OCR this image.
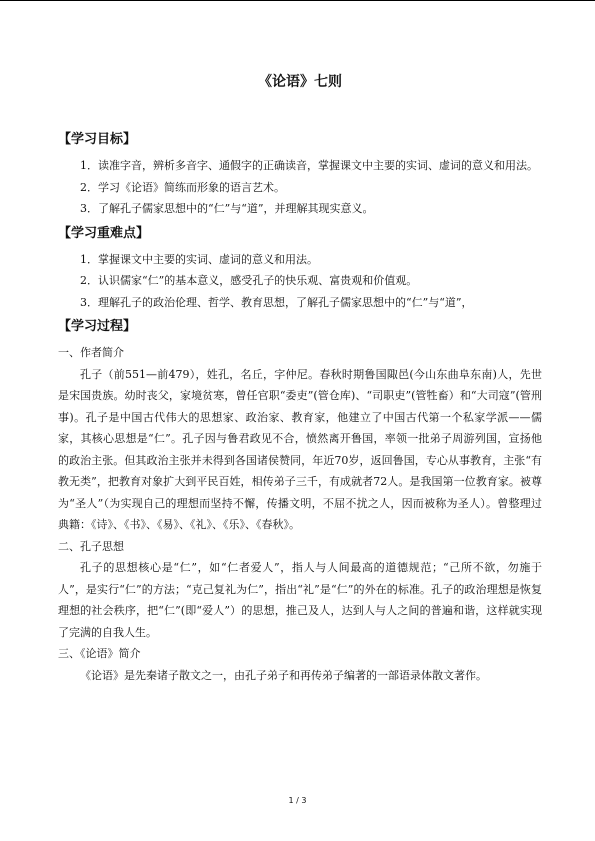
《论语》七则
【学习目标】

1．读准字音，辨析多音字、通假字的正确读音，掌握课文中主要的实词、虚词的意义和用法。

2．学习《论语》简练而形象的语言艺术。

3．了解孔子儒家思想中的“仁”与“道”，并理解其现实意义。

【学习重难点】

1．掌握课文中主要的实词、虚词的意义和用法。

2．认识儒家“仁”的基本意义，感受孔子的快乐观、富贵观和价值观。

3．理解孔子的政治伦理、哲学、教育思想，了解孔子儒家思想中的“仁”与“道”，

【学习过程】
一、作者简介

孔子（前551—前479），姓孔，名丘，字仲尼。春秋时期鲁国陬邑(今山东曲阜东南)人，先世是宋国贵族。幼时丧父，家境贫寒，曾任官职“委吏”(管仓库)、“司职吏”(管牲畜）和“大司寇”(管刑事)。孔子是中国古代伟大的思想家、政治家、教育家，他建立了中国古代第一个私家学派——儒家，其核心思想是“仁”。孔子因与鲁君政见不合，愤然离开鲁国，率领一批弟子周游列国，宣扬他的政治主张。但其政治主张并未得到各国诸侯赞同，年近70岁，返回鲁国，专心从事教育，主张“有教无类”，把教育对象扩大到平民百姓，相传弟子三千，有成就者72人。是我国第一位教育家。被尊为“圣人”（为实现自己的理想而坚持不懈，传播文明，不屈不扰之人，因而被称为圣人）。曾整理过典籍：《诗》、《书》、《易》、《礼》、《乐》、《春秋》。

二、孔子思想

孔子的思想核心是“仁”，如“仁者爱人”，指人与人间最高的道德规范；“己所不欲，勿施于人”，是实行“仁”的方法；“克己复礼为仁”，指出“礼”是“仁”的外在的标准。孔子的政治理想是恢复理想的社会秩序，把“仁”(即“爱人”）的思想，推己及人，达到人与人之间的普遍和谐，这样就实现了完满的自我人生。

三、《论语》简介

《论语》是先秦诸子散文之一，由孔子弟子和再传弟子编著的一部语录体散文著作。

1 / 3
